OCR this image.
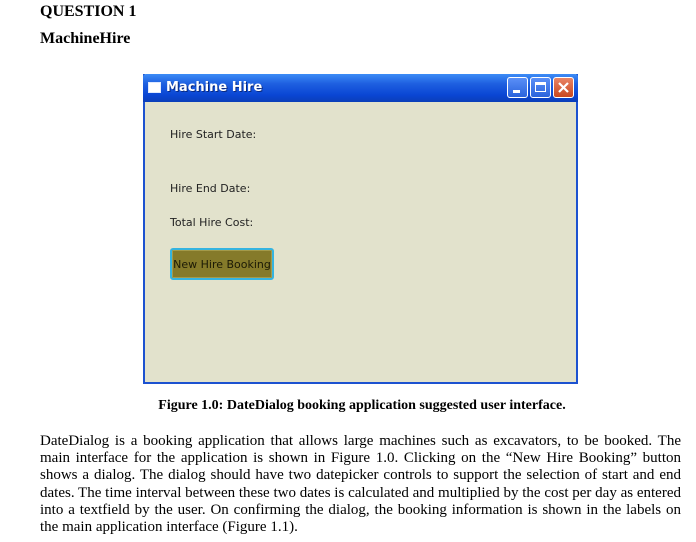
QUESTION 1
MachineHire
Machine Hire
Hire Start Date:
Hire End Date:
Total Hire Cost:
New Hire Booking
Figure 1.0: DateDialog booking application suggested user interface.
DateDialog is a booking application that allows large machines such as excavators, to be booked. The main interface for the application is shown in Figure 1.0. Clicking on the “New Hire Booking” button shows a dialog. The dialog should have two datepicker controls to support the selection of start and end dates. The time interval between these two dates is calculated and multiplied by the cost per day as entered into a textfield by the user. On confirming the dialog, the booking information is shown in the labels on the main application interface (Figure 1.1).
